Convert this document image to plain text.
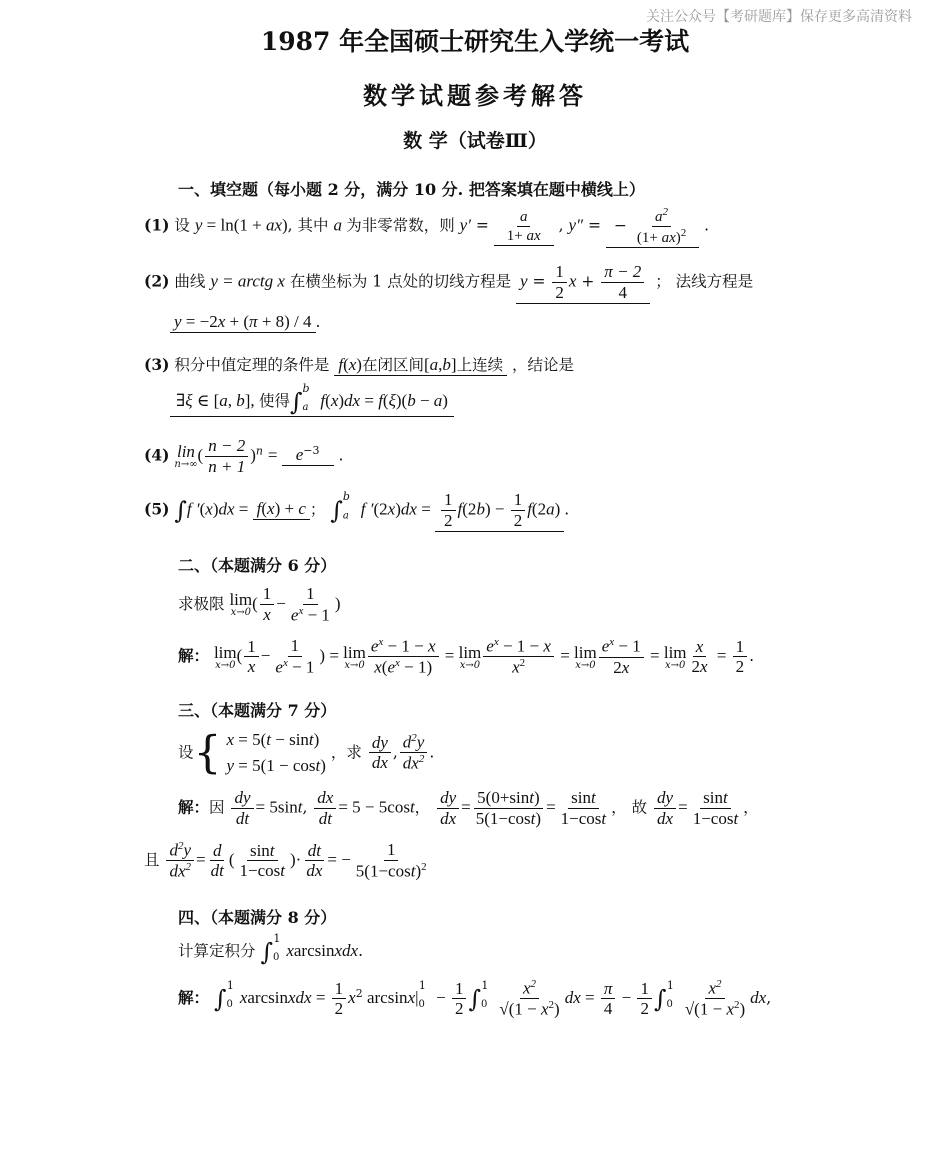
关注公众号【考研题库】保存更多高清资料
1987 年全国硕士研究生入学统一考试
数学试题参考解答
数 学（试卷Ⅲ）
一、填空题（每小题 2 分，满分 10 分. 把答案填在题中横线上）
(1) 设 y = ln(1 + ax), 其中 a 为非零常数，则 $y' = \frac{a}{1+ ax}$ , y″ = − $\frac{a^2}{(1+ ax)^2}$ .
(2) 曲线 y = arctg x 在横坐标为 1 点处的切线方程是 $y = \frac{1}{2}$ $x + \frac{\pi - 2}{4}$ ； 法线方程是
y = −2x + (π + 8) / 4 .
(3) 积分中值定理的条件是 f(x)在闭区间[a,b]上连续 ，结论是
∃ξ ∈ [a, b], 使得$\int_a^b$ f(x)dx = f(ξ)(b − a)
(4) lin
n→∞ ( $\frac{n - 2}{n + 1} )^n = e^{-3}$ .
(5) ∫f ′(x)dx = f(x) + c ； $\int_a^b$ f $'(2x)dx = \frac{1}{2} f(2b) - \frac{1}{2} f(2a)$ .
二、（本题满分 6 分）
求极限 lim
x→0 ( $\frac{1}{x} - \frac{1}{e^x - 1}$ )
解： lim
x→0 ( $\frac{1}{x} - \frac{1}{e^x - 1}$ ) = lim
$x\to 0 \frac{e^x - 1 - x}{x(e^x - 1)} = \lim$
$x\to 0 \frac{e^x - 1 - x}{x^2} = \lim$
$x\to 0 \frac{e^x - 1}{2x} = \lim$
$x\to 0 \frac{x}{2x} = \frac{1}{2}$ .
三、（本题满分 7 分）
设{ x = 5(t − sint)
y = 5(1 − cost)
，求 $\frac{dy}{dx}$ , $\frac{d^2y}{dx^2}$ .
解：因 $\frac{dy}{dt} = 5\sin t$, $\frac{dx}{dt} = 5 - 5\cos t$， $\frac{dy}{dx} = \frac{5(0+\sin t)}{5(1-\cos t)} = \frac{\sin t}{1-\cos t}$ ， 故 $\frac{dy}{dx} = \frac{\sin t}{1-\cos t}$ ，
且 $\frac{d^2y}{dx^2} = \frac{d}{dt}$ ( $\frac{\sin t}{1-\cos t}$ )· $\frac{dt}{dx}$ = − $\frac{1}{5(1-\cos t)^2}$
四、（本题满分 8 分）
计算定积分 $\int_0^1xarcsinxdx$.
解： $\int_0^1xarcsinxdx = \frac{1}{2} x^2$ $\arcsin x|_0^1 - \frac{1}{2} \int_0^1 \frac{x^2}{√(1 - x^2)}$ dx = $\frac{\pi}{4} - \frac{1}{2} \int_0^1 \frac{x^2}{√(1 - x^2)}$ dx,
